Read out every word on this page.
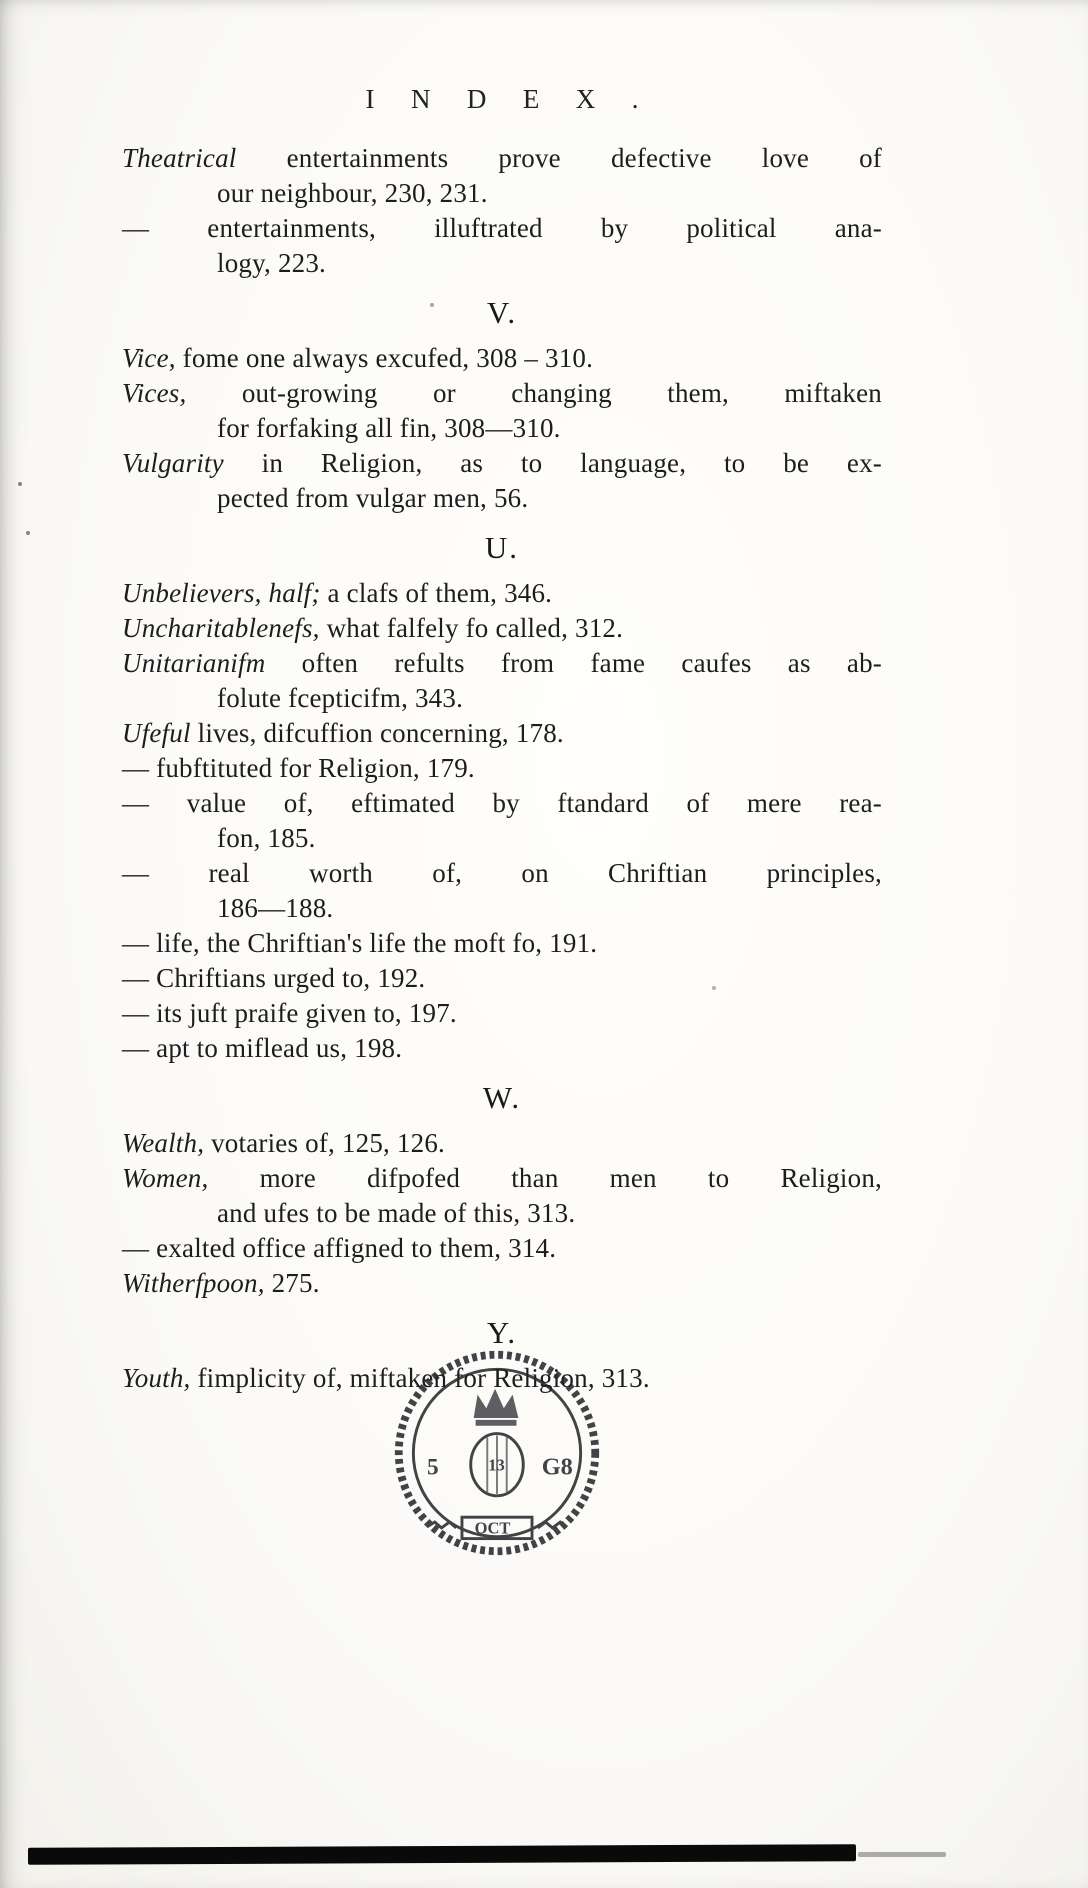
INDEX.
Theatrical entertainments prove defective love of
our neighbour, 230, 231.
— entertainments, illuftrated by political ana-
logy, 223.
V.
Vice, fome one always excufed, 308 – 310.
Vices, out-growing or changing them, miftaken
for forfaking all fin, 308—310.
Vulgarity in Religion, as to language, to be ex-
pected from vulgar men, 56.
U.
Unbelievers, half; a clafs of them, 346.
Uncharitablenefs, what falfely fo called, 312.
Unitarianifm often refults from fame caufes as ab-
folute fcepticifm, 343.
Ufeful lives, difcuffion concerning, 178.
— fubftituted for Religion, 179.
— value of, eftimated by ftandard of mere rea-
fon, 185.
— real worth of, on Chriftian principles,
186—188.
— life, the Chriftian's life the moft fo, 191.
— Chriftians urged to, 192.
— its juft praife given to, 197.
— apt to miflead us, 198.
W.
Wealth, votaries of, 125, 126.
Women, more difpofed than men to Religion,
and ufes to be made of this, 313.
— exalted office affigned to them, 314.
Witherfpoon, 275.
Y.
Youth, fimplicity of, miftaken for Religion, 313.
5	13 G8
OCT
